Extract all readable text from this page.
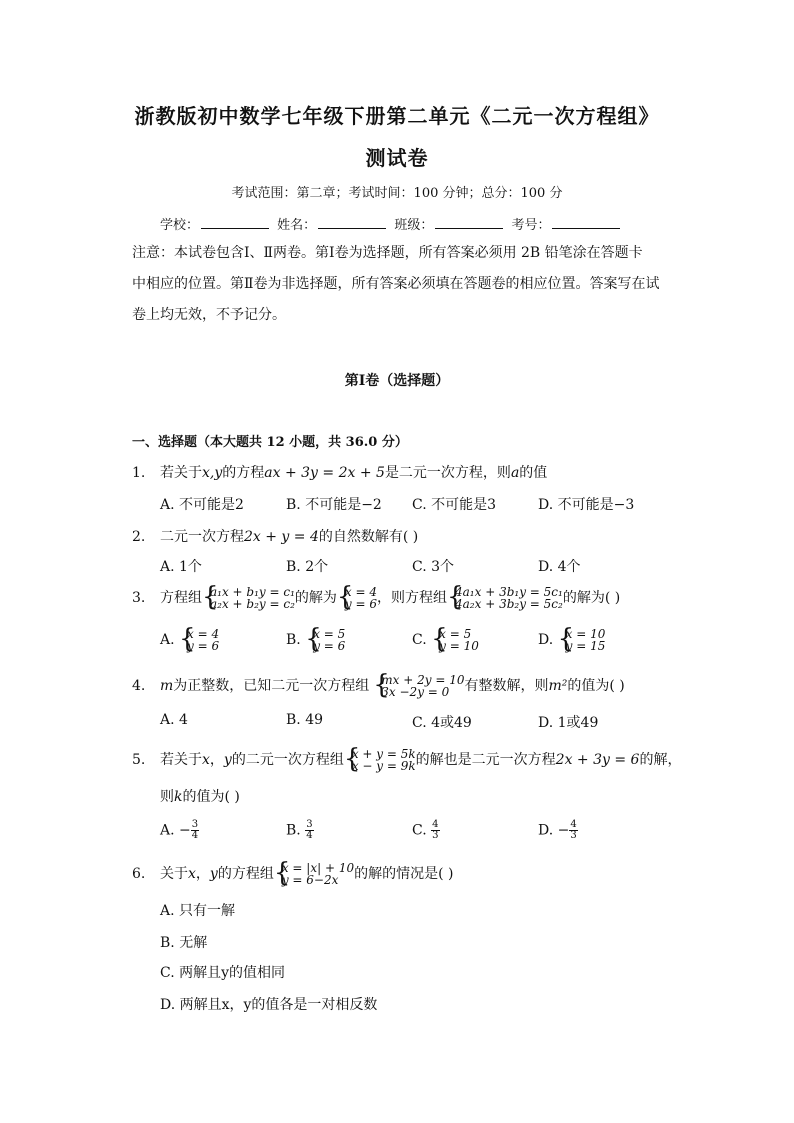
浙教版初中数学七年级下册第二单元《二元一次方程组》
测试卷
考试范围：第二章；考试时间：100 分钟；总分：100 分
学校：	姓名：	班级：	考号：
注意：本试卷包含Ⅰ、Ⅱ两卷。第Ⅰ卷为选择题，所有答案必须用 2B 铅笔涂在答题卡
中相应的位置。第Ⅱ卷为非选择题，所有答案必须填在答题卷的相应位置。答案写在试
卷上均无效，不予记分。
第Ⅰ卷（选择题）
一、选择题（本大题共 12 小题，共 36.0 分）
1. 若关于x,y的方程ax + 3y = 2x + 5是二元一次方程，则a的值
A. 不可能是2	B. 不可能是−2 C. 不可能是3	D. 不可能是−3
2. 二元一次方程2x + y = 4的自然数解有( )
A. 1个	B. 2个	C. 3个	D. 4个
3. 方程组 {
a₁x + b₁y = c₁
a₂x + b₂y = c₂ 的解为 {
x = 4
y = 6 ，则方程组 {
4a₁x + 3b₁y = 5c₁
4a₂x + 3b₂y = 5c₂ 的解为( )
A. {
x = 4
y = 6	B. {
x = 5
y = 6	C. {
x = 5
y = 10	D. {
x = 10
y = 15
4. m为正整数，已知二元一次方程组 {
mx + 2y = 10
3x −2y = 0	有整数解，则m²的值为( )
A. 4	B. 49	C. 4或49	D. 1或49
5. 若关于x，y的二元一次方程组 {
x + y = 5k
x − y = 9k 的解也是二元一次方程2x + 3y = 6的解，
则k的值为( )
A. − $\frac{3}{4}$	B. $\frac{3}{4}$	C. $\frac{4}{3}$	D. − $\frac{4}{3}$
6. 关于x，y的方程组 {
x = |x| + 10
y = 6−2x	的解的情况是( )
A. 只有一解
B. 无解
C. 两解且y的值相同
D. 两解且x，y的值各是一对相反数
